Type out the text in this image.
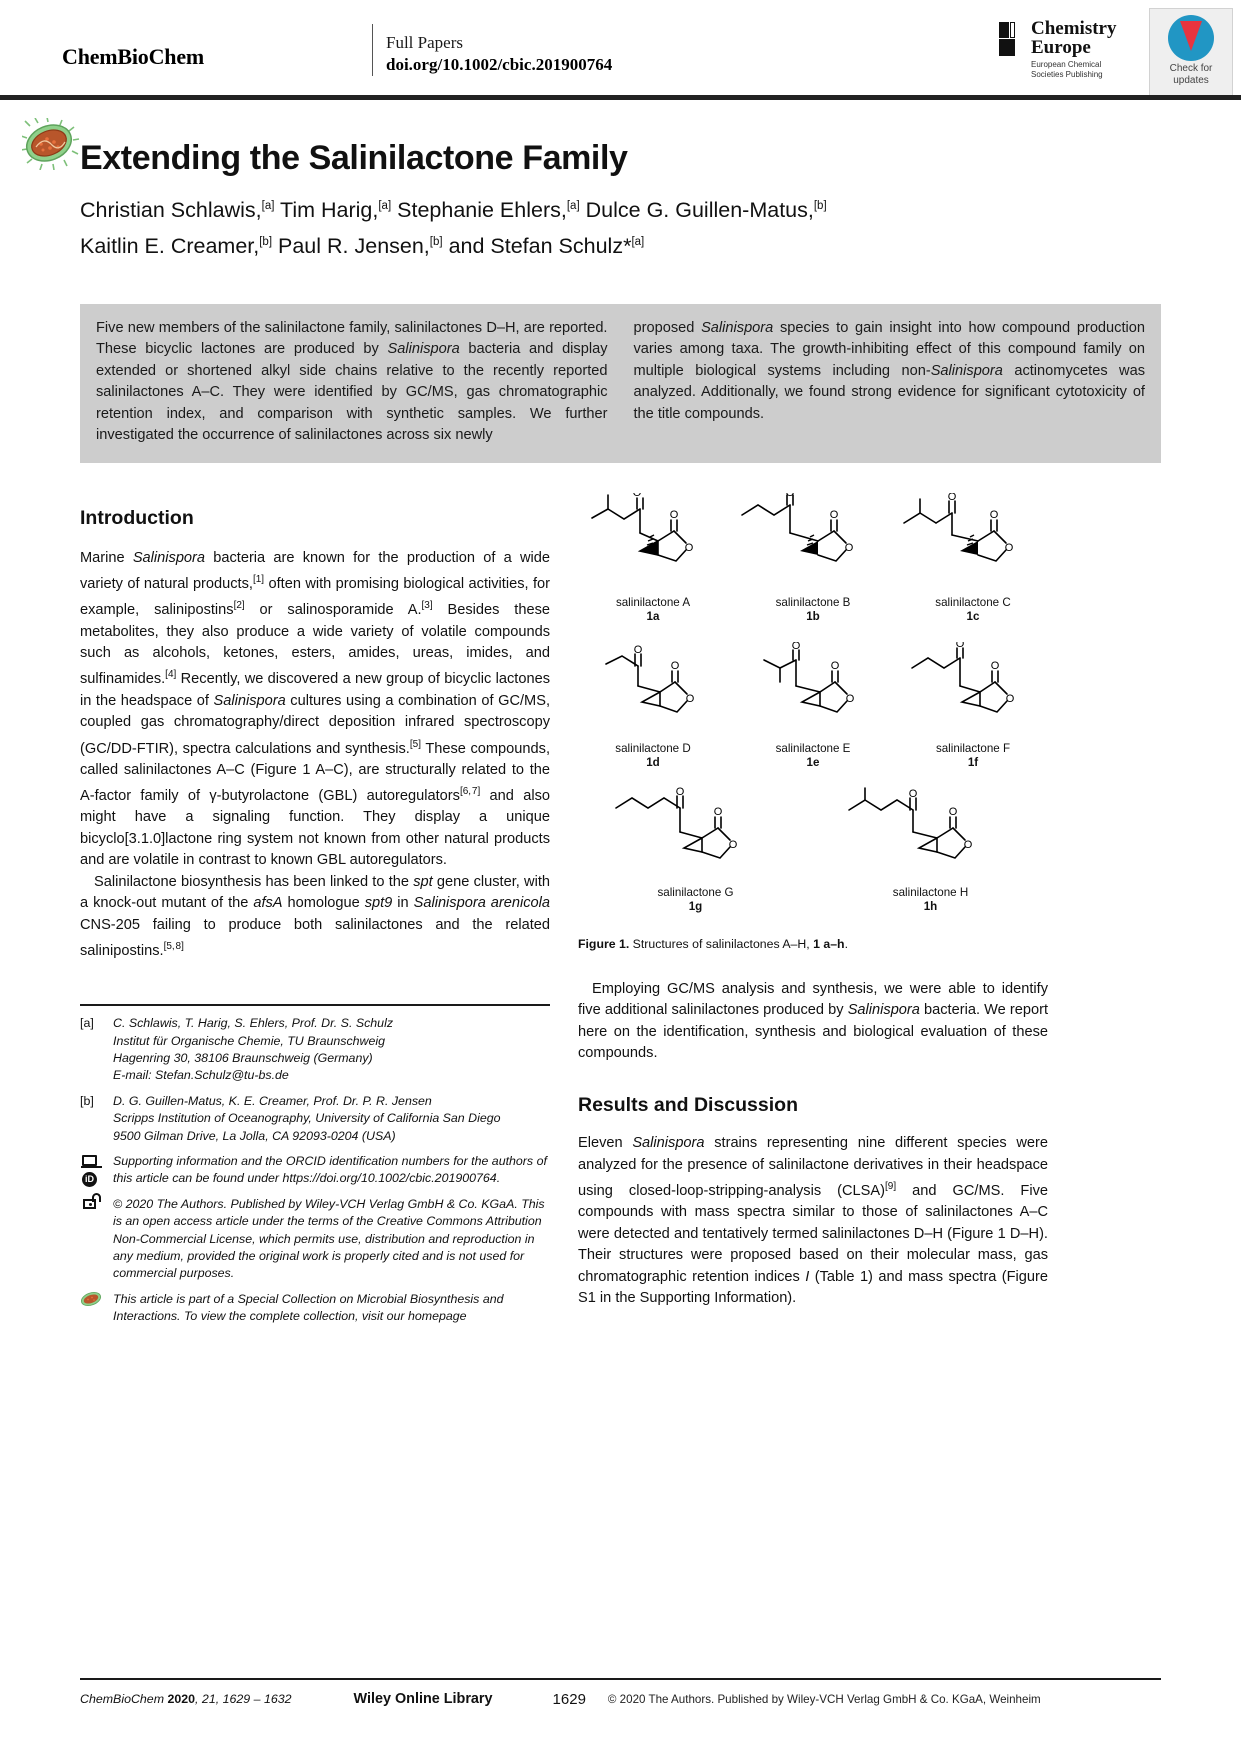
ChemBioChem
Full Papers
doi.org/10.1002/cbic.201900764
Chemistry
Europe
European Chemical
Societies Publishing
Check for
updates
Extending the Salinilactone Family
Christian Schlawis,[a] Tim Harig,[a] Stephanie Ehlers,[a] Dulce G. Guillen-Matus,[b]
Kaitlin E. Creamer,[b] Paul R. Jensen,[b] and Stefan Schulz*[a]

Five new members of the salinilactone family, salinilactones D–H, are reported. These bicyclic lactones are produced by Sali​nispora bacteria and display extended or shortened alkyl side chains relative to the recently reported salinilactones A–C. They were identified by GC/MS, gas chromatographic retention index, and comparison with synthetic samples. We further investigated the occurrence of salinilactones across six newly

proposed Salinispora species to gain insight into how compound production varies among taxa. The growth-inhibiting effect of this compound family on multiple biological systems including non-Salinispora actinomycetes was analyzed. Additionally, we found strong evidence for significant cytotoxicity of the title compounds.

Introduction

Marine Salinispora bacteria are known for the production of a wide variety of natural products,[1] often with promising biological activities, for example, salinipostins[2] or salinosporamide A.[3] Besides these metabolites, they also produce a wide variety of volatile compounds such as alcohols, ketones, esters, amides, ureas, imides, and sulfinamides.[4] Recently, we discovered a new group of bicyclic lactones in the headspace of Sali​nispora cultures using a combination of GC/MS, coupled gas chromatography/direct deposition infrared spectroscopy (GC/DD-FTIR), spectra calculations and synthesis.[5] These compounds, called salinilactones A–C (Figure 1 A–C), are structurally related to the A-factor family of γ-butyrolactone (GBL) autoregulators[6, 7] and also might have a signaling function. They display a unique bicyclo[3.1.0]lactone ring system not known from other natural products and are volatile in contrast to known GBL autoregulators.

Salinilactone biosynthesis has been linked to the spt gene cluster, with a knock-out mutant of the afsA homologue spt9 in Salinispora arenicola CNS-205 failing to produce both salinilactones and the related salinipostins.[5, 8]

[a]	C. Schlawis, T. Harig, S. Ehlers, Prof. Dr. S. Schulz
Institut für Organische Chemie, TU Braunschweig
Hagenring 30, 38106 Braunschweig (Germany)
E-mail: Stefan.Schulz@tu-bs.de
[b]	D. G. Guillen-Matus, K. E. Creamer, Prof. Dr. P. R. Jensen
Scripps Institution of Oceanography, University of California San Diego
9500 Gilman Drive, La Jolla, CA 92093-0204 (USA)
iD
Supporting information and the ORCID identification numbers for the authors of this article can be found under https://doi.org/10.1002/cbic.201900764.
© 2020 The Authors. Published by Wiley-VCH Verlag GmbH & Co. KGaA. This is an open access article under the terms of the Creative Commons Attribution Non-Commercial License, which permits use, distribution and reproduction in any medium, provided the original work is properly cited and is not used for commercial purposes.
This article is part of a Special Collection on Microbial Biosynthesis and Interactions. To view the complete collection, visit our homepage
O
O
O
salinilactone A
1a
O
O
O
salinilactone B
1b
O
O
O
salinilactone C
1c
O
O
O
salinilactone D
1d
O
O
O
salinilactone E
1e
O
O
O
salinilactone F
1f
O
O
O
salinilactone G
1g
O
O
O
salinilactone H
1h
Figure 1. Structures of salinilactones A–H, 1 a–h.

Employing GC/MS analysis and synthesis, we were able to identify five additional salinilactones produced by Salinispora bacteria. We report here on the identification, synthesis and biological evaluation of these compounds.

Results and Discussion

Eleven Salinispora strains representing nine different species were analyzed for the presence of salinilactone derivatives in their headspace using closed-loop-stripping-analysis (CLSA)[9] and GC/MS. Five compounds with mass spectra similar to those of salinilactones A–C were detected and tentatively termed salinilactones D–H (Figure 1 D–H). Their structures were proposed based on their molecular mass, gas chromatographic retention indices I (Table 1) and mass spectra (Figure S1 in the Supporting Information).

ChemBioChem 2020, 21, 1629 – 1632	Wiley Online Library	1629 © 2020 The Authors. Published by Wiley-VCH Verlag GmbH & Co. KGaA, Weinheim
